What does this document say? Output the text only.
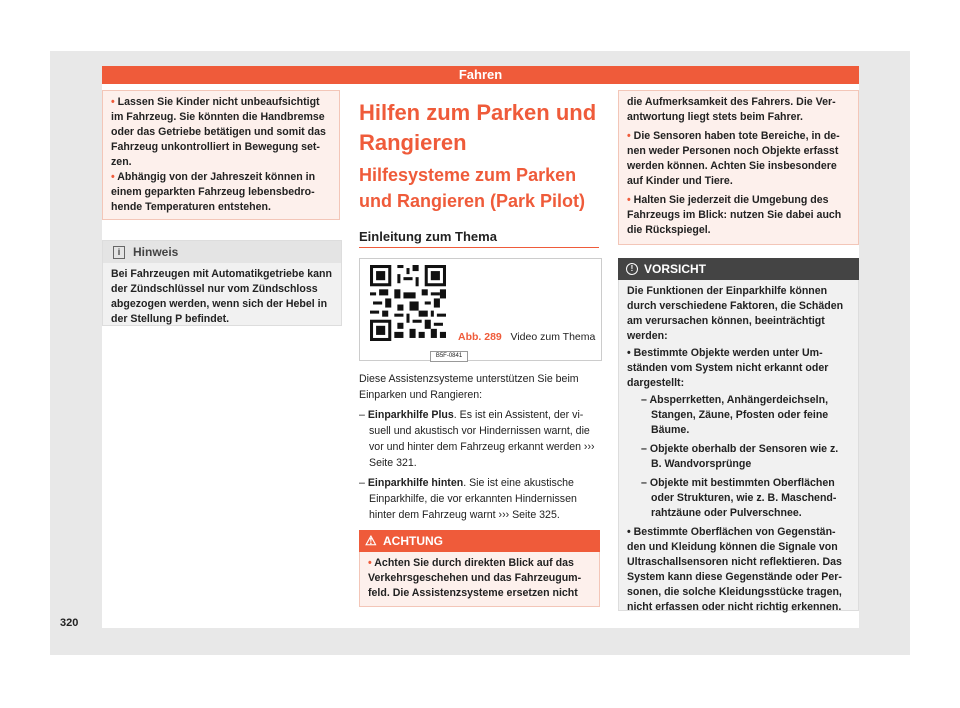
Fahren

• Lassen Sie Kinder nicht unbeaufsichtigt im Fahrzeug. Sie könnten die Handbremse oder das Getriebe betätigen und somit das Fahrzeug unkontrolliert in Bewegung set-zen.

• Abhängig von der Jahreszeit können in einem geparkten Fahrzeug lebensbedro-hende Temperaturen entstehen.

i Hinweis
Bei Fahrzeugen mit Automatikgetriebe kann der Zündschlüssel nur vom Zündschloss abgezogen werden, wenn sich der Hebel in der Stellung P befindet.
Hilfen zum Parken und Rangieren
Hilfesysteme zum Parken und Rangieren (Park Pilot)
Einleitung zum Thema
Abb. 289 Video zum Thema
B5F-0841

Diese Assistenzsysteme unterstützen Sie beim Einparken und Rangieren:

– Einparkhilfe Plus. Es ist ein Assistent, der vi-suell und akustisch vor Hindernissen warnt, die vor und hinter dem Fahrzeug erkannt werden ››› Seite 321.

– Einparkhilfe hinten. Sie ist eine akustische Einparkhilfe, die vor erkannten Hindernissen hinter dem Fahrzeug warnt ››› Seite 325.

⚠ ACHTUNG

• Achten Sie durch direkten Blick auf das Verkehrsgeschehen und das Fahrzeugum-feld. Die Assistenzsysteme ersetzen nicht

die Aufmerksamkeit des Fahrers. Die Ver-antwortung liegt stets beim Fahrer.

• Die Sensoren haben tote Bereiche, in de-nen weder Personen noch Objekte erfasst werden können. Achten Sie insbesondere auf Kinder und Tiere.

• Halten Sie jederzeit die Umgebung des Fahrzeugs im Blick: nutzen Sie dabei auch die Rückspiegel.

! VORSICHT

Die Funktionen der Einparkhilfe können durch verschiedene Faktoren, die Schäden am verursachen können, beeinträchtigt werden:

• Bestimmte Objekte werden unter Um-ständen vom System nicht erkannt oder dargestellt:

– Absperrketten, Anhängerdeichseln, Stangen, Zäune, Pfosten oder feine Bäume.

– Objekte oberhalb der Sensoren wie z. B. Wandvorsprünge

– Objekte mit bestimmten Oberflächen oder Strukturen, wie z. B. Maschend-rahtzäune oder Pulverschnee.

• Bestimmte Oberflächen von Gegenstän-den und Kleidung können die Signale von Ultraschallsensoren nicht reflektieren. Das System kann diese Gegenstände oder Per-sonen, die solche Kleidungsstücke tragen, nicht erfassen oder nicht richtig erkennen.

320
